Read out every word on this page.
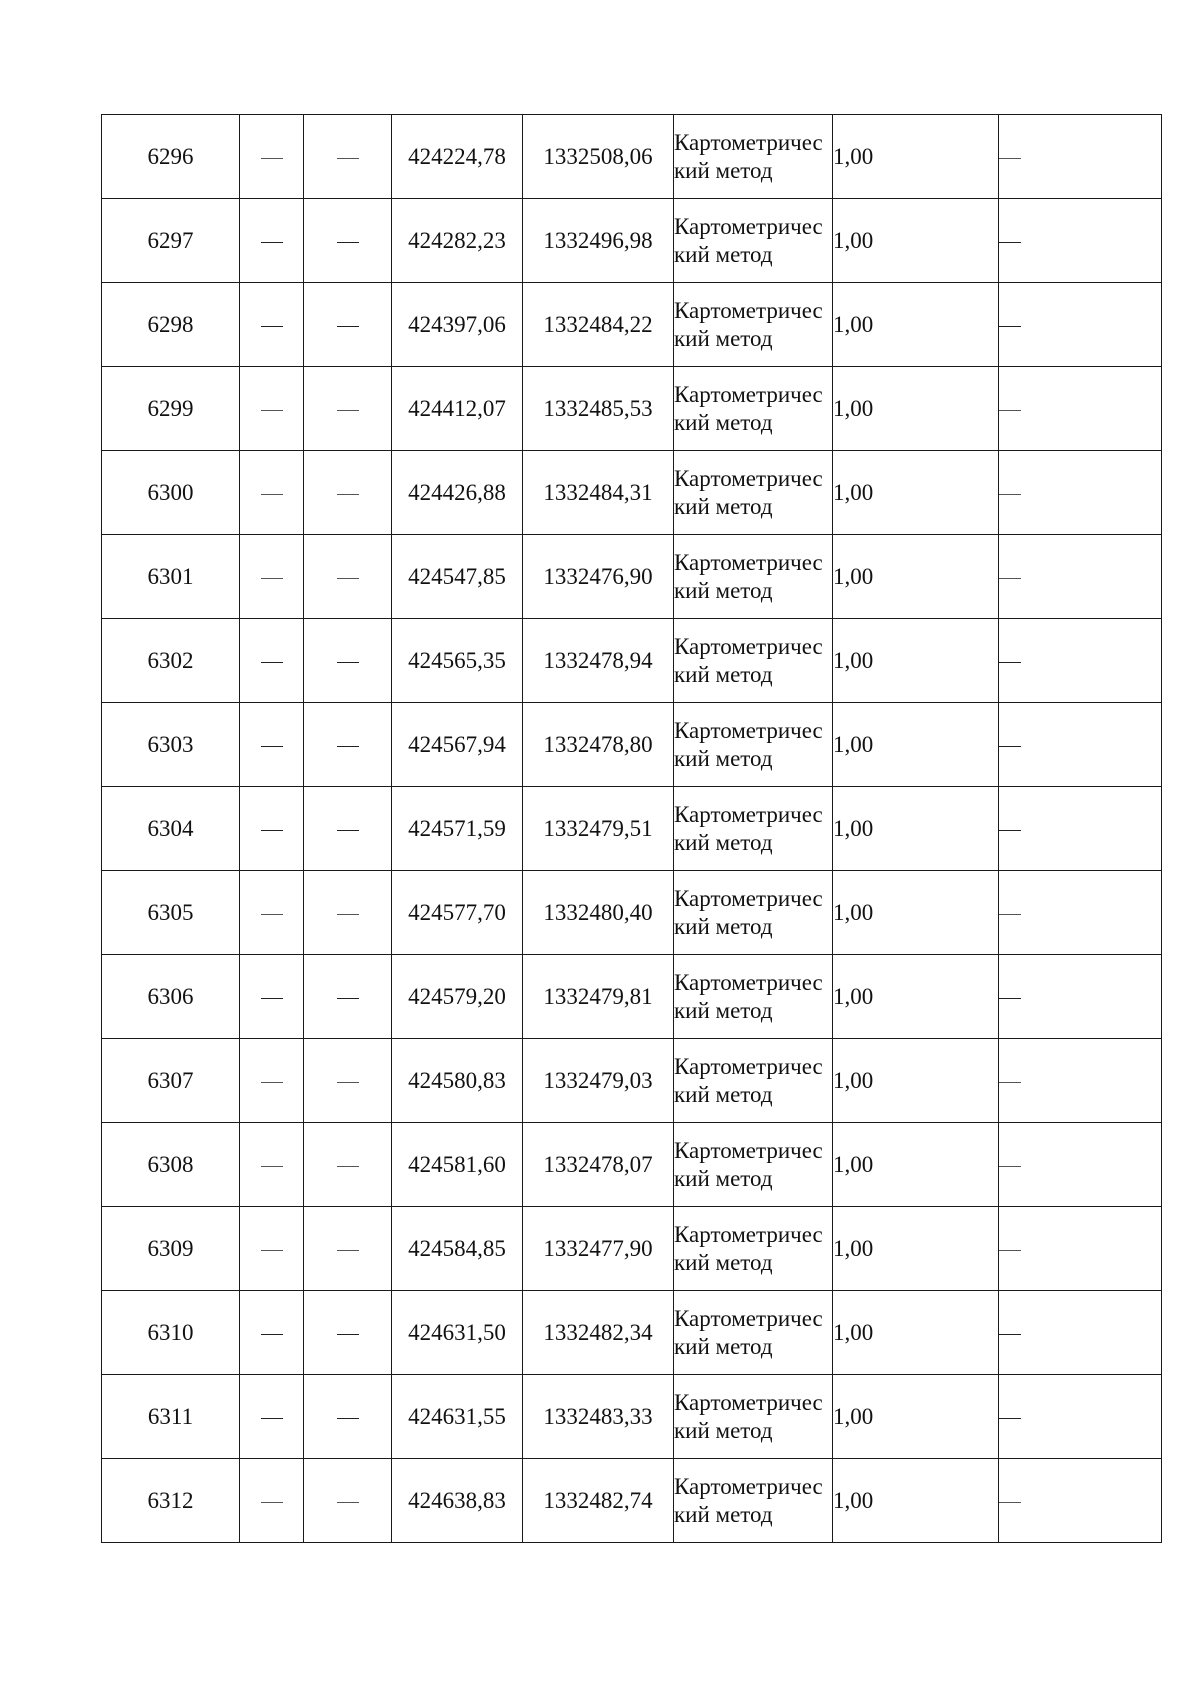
6296			424224,78	1332508,06	Картометрический метод	1,00	
6297			424282,23	1332496,98	Картометрический метод	1,00	
6298			424397,06	1332484,22	Картометрический метод	1,00	
6299			424412,07	1332485,53	Картометрический метод	1,00	
6300			424426,88	1332484,31	Картометрический метод	1,00	
6301			424547,85	1332476,90	Картометрический метод	1,00	
6302			424565,35	1332478,94	Картометрический метод	1,00	
6303			424567,94	1332478,80	Картометрический метод	1,00	
6304			424571,59	1332479,51	Картометрический метод	1,00	
6305			424577,70	1332480,40	Картометрический метод	1,00	
6306			424579,20	1332479,81	Картометрический метод	1,00	
6307			424580,83	1332479,03	Картометрический метод	1,00	
6308			424581,60	1332478,07	Картометрический метод	1,00	
6309			424584,85	1332477,90	Картометрический метод	1,00	
6310			424631,50	1332482,34	Картометрический метод	1,00	
6311			424631,55	1332483,33	Картометрический метод	1,00	
6312			424638,83	1332482,74	Картометрический метод	1,00	
